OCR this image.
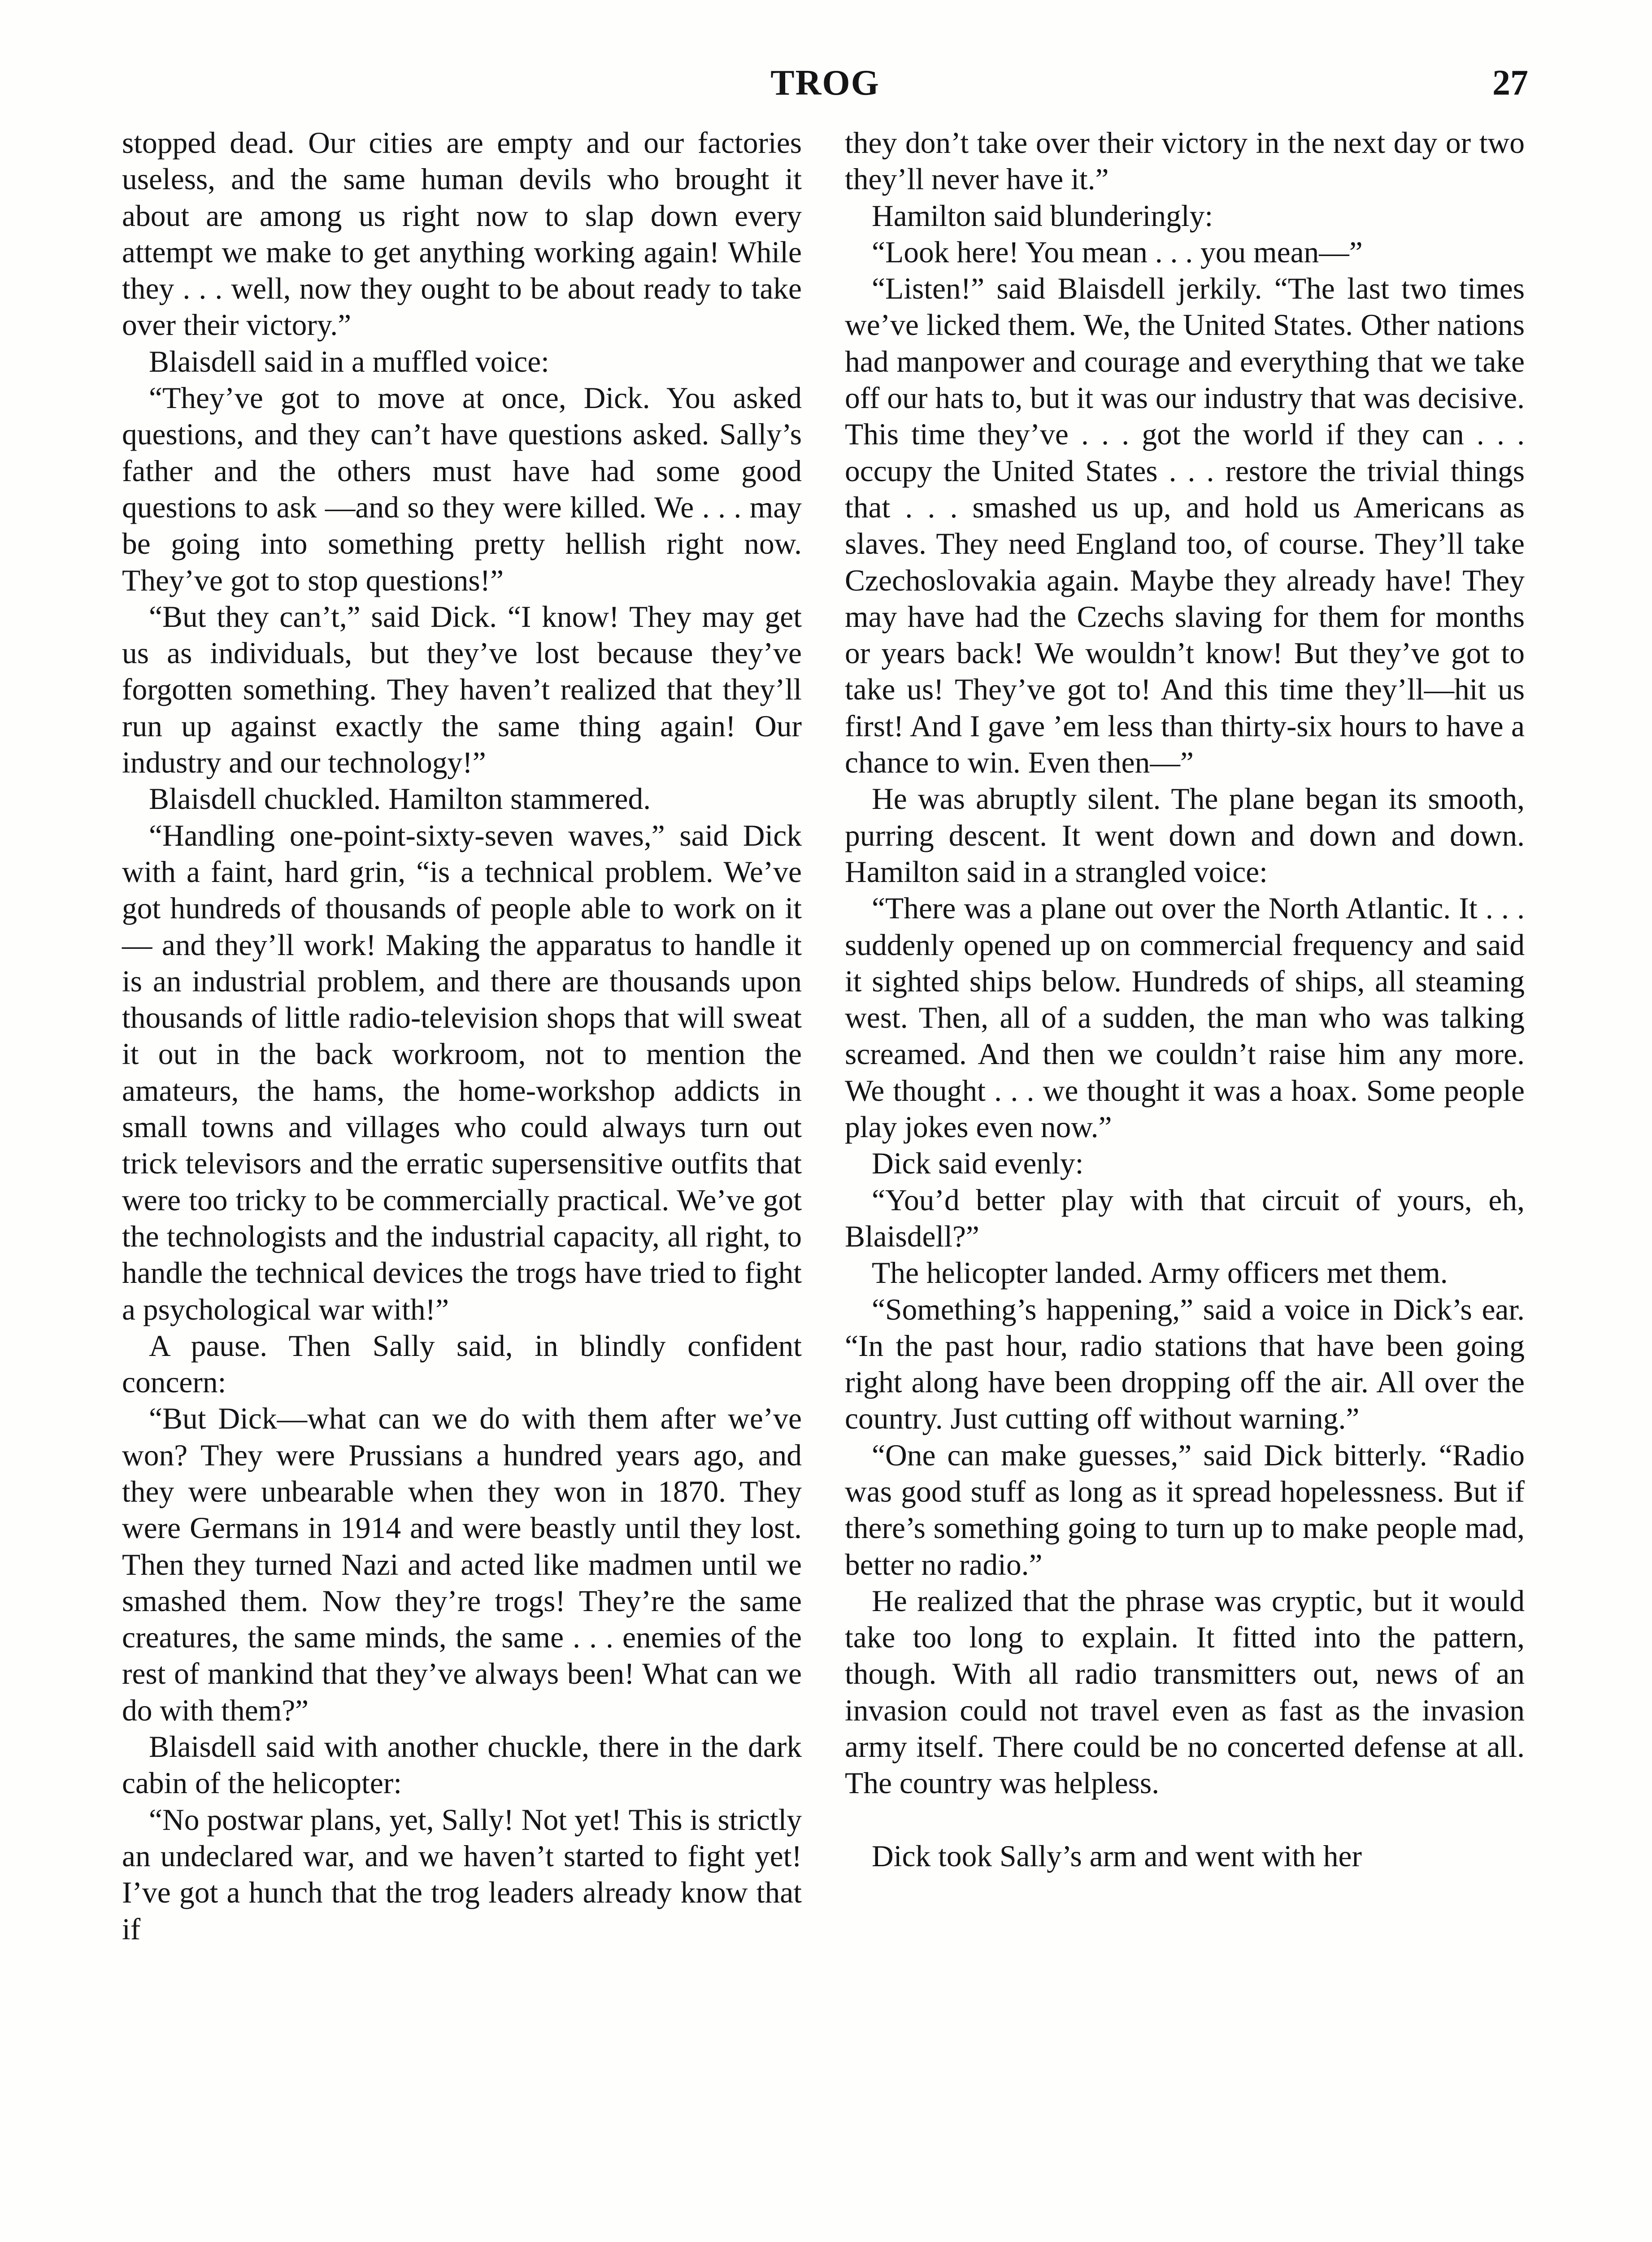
TROG	27

stopped dead. Our cities are empty and our factories useless, and the same human devils who brought it about are among us right now to slap down every attempt we make to get anything working again! While they . . . well, now they ought to be about ready to take over their victory.”

Blaisdell said in a muffled voice:

“They’ve got to move at once, Dick. You asked questions, and they can’t have questions asked. Sally’s father and the others must have had some good questions to ask —and so they were killed. We . . . may be going into something pretty hellish right now. They’ve got to stop questions!”

“But they can’t,” said Dick. “I know! They may get us as individuals, but they’ve lost because they’ve forgotten something. They haven’t realized that they’ll run up against exactly the same thing again! Our industry and our technology!”

Blaisdell chuckled. Hamilton stammered.

“Handling one-point-sixty-seven waves,” said Dick with a faint, hard grin, “is a technical problem. We’ve got hundreds of thousands of people able to work on it— and they’ll work! Making the apparatus to handle it is an industrial problem, and there are thousands upon thousands of little radio-television shops that will sweat it out in the back workroom, not to mention the amateurs, the hams, the home-workshop addicts in small towns and villages who could always turn out trick televisors and the erratic supersensitive outfits that were too tricky to be commercially practical. We’ve got the technologists and the industrial capacity, all right, to handle the technical devices the trogs have tried to fight a psychological war with!”

A pause. Then Sally said, in blindly confident concern:

“But Dick—what can we do with them after we’ve won? They were Prussians a hundred years ago, and they were unbearable when they won in 1870. They were Germans in 1914 and were beastly until they lost. Then they turned Nazi and acted like madmen until we smashed them. Now they’re trogs! They’re the same creatures, the same minds, the same . . . enemies of the rest of mankind that they’ve always been! What can we do with them?”

Blaisdell said with another chuckle, there in the dark cabin of the helicopter:

“No postwar plans, yet, Sally! Not yet! This is strictly an undeclared war, and we haven’t started to fight yet! I’ve got a hunch that the trog leaders already know that if

they don’t take over their victory in the next day or two they’ll never have it.”

Hamilton said blunderingly:

“Look here! You mean . . . you mean—”

“Listen!” said Blaisdell jerkily. “The last two times we’ve licked them. We, the United States. Other nations had manpower and courage and everything that we take off our hats to, but it was our industry that was decisive. This time they’ve . . . got the world if they can . . . occupy the United States . . . restore the trivial things that . . . smashed us up, and hold us Americans as slaves. They need England too, of course. They’ll take Czechoslovakia again. Maybe they already have! They may have had the Czechs slaving for them for months or years back! We wouldn’t know! But they’ve got to take us! They’ve got to! And this time they’ll—hit us first! And I gave ’em less than thirty-six hours to have a chance to win. Even then—”

He was abruptly silent. The plane began its smooth, purring descent. It went down and down and down. Hamilton said in a strangled voice:

“There was a plane out over the North Atlantic. It . . . suddenly opened up on commercial frequency and said it sighted ships below. Hundreds of ships, all steaming west. Then, all of a sudden, the man who was talking screamed. And then we couldn’t raise him any more. We thought . . . we thought it was a hoax. Some people play jokes even now.”

Dick said evenly:

“You’d better play with that circuit of yours, eh, Blaisdell?”

The helicopter landed. Army officers met them.

“Something’s happening,” said a voice in Dick’s ear. “In the past hour, radio stations that have been going right along have been dropping off the air. All over the country. Just cutting off without warning.”

“One can make guesses,” said Dick bitterly. “Radio was good stuff as long as it spread hopelessness. But if there’s something going to turn up to make people mad, better no radio.”

He realized that the phrase was cryptic, but it would take too long to explain. It fitted into the pattern, though. With all radio transmitters out, news of an invasion could not travel even as fast as the invasion army itself. There could be no concerted defense at all. The country was helpless.

Dick took Sally’s arm and went with her
